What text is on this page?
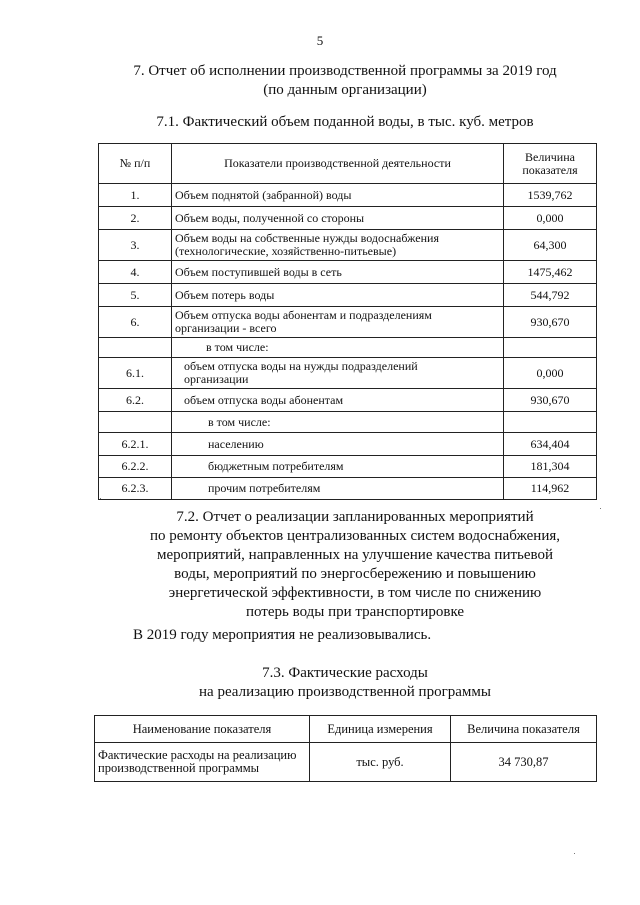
5
7. Отчет об исполнении производственной программы за 2019 год
(по данным организации)
7.1. Фактический объем поданной воды, в тыс. куб. метров
№ п/п	Показатели производственной деятельности	Величина
показателя

1.	Объем поднятой (забранной) воды	1539,762
2.	Объем воды, полученной со стороны	0,000
3.	Объем воды на собственные нужды водоснабжения
(технологические, хозяйственно-питьевые)	64,300
4.	Объем поступившей воды в сеть	1475,462
5.	Объем потерь воды	544,792
6.	Объем отпуска воды абонентам и подразделениям
организации - всего	930,670
	в том числе:	
6.1.	объем отпуска воды на нужды подразделений
организации	0,000
6.2.	объем отпуска воды абонентам	930,670
	в том числе:	
6.2.1.	населению	634,404
6.2.2.	бюджетным потребителям	181,304
6.2.3.	прочим потребителям	114,962
7.2. Отчет о реализации запланированных мероприятий
по ремонту объектов централизованных систем водоснабжения,
мероприятий, направленных на улучшение качества питьевой
воды, мероприятий по энергосбережению и повышению
энергетической эффективности, в том числе по снижению
потерь воды при транспортировке
В 2019 году мероприятия не реализовывались.
7.3. Фактические расходы
на реализацию производственной программы
Наименование показателя	Единица измерения	Величина показателя

Фактические расходы на реализацию
производственной программы	тыс. руб.	34 730,87
